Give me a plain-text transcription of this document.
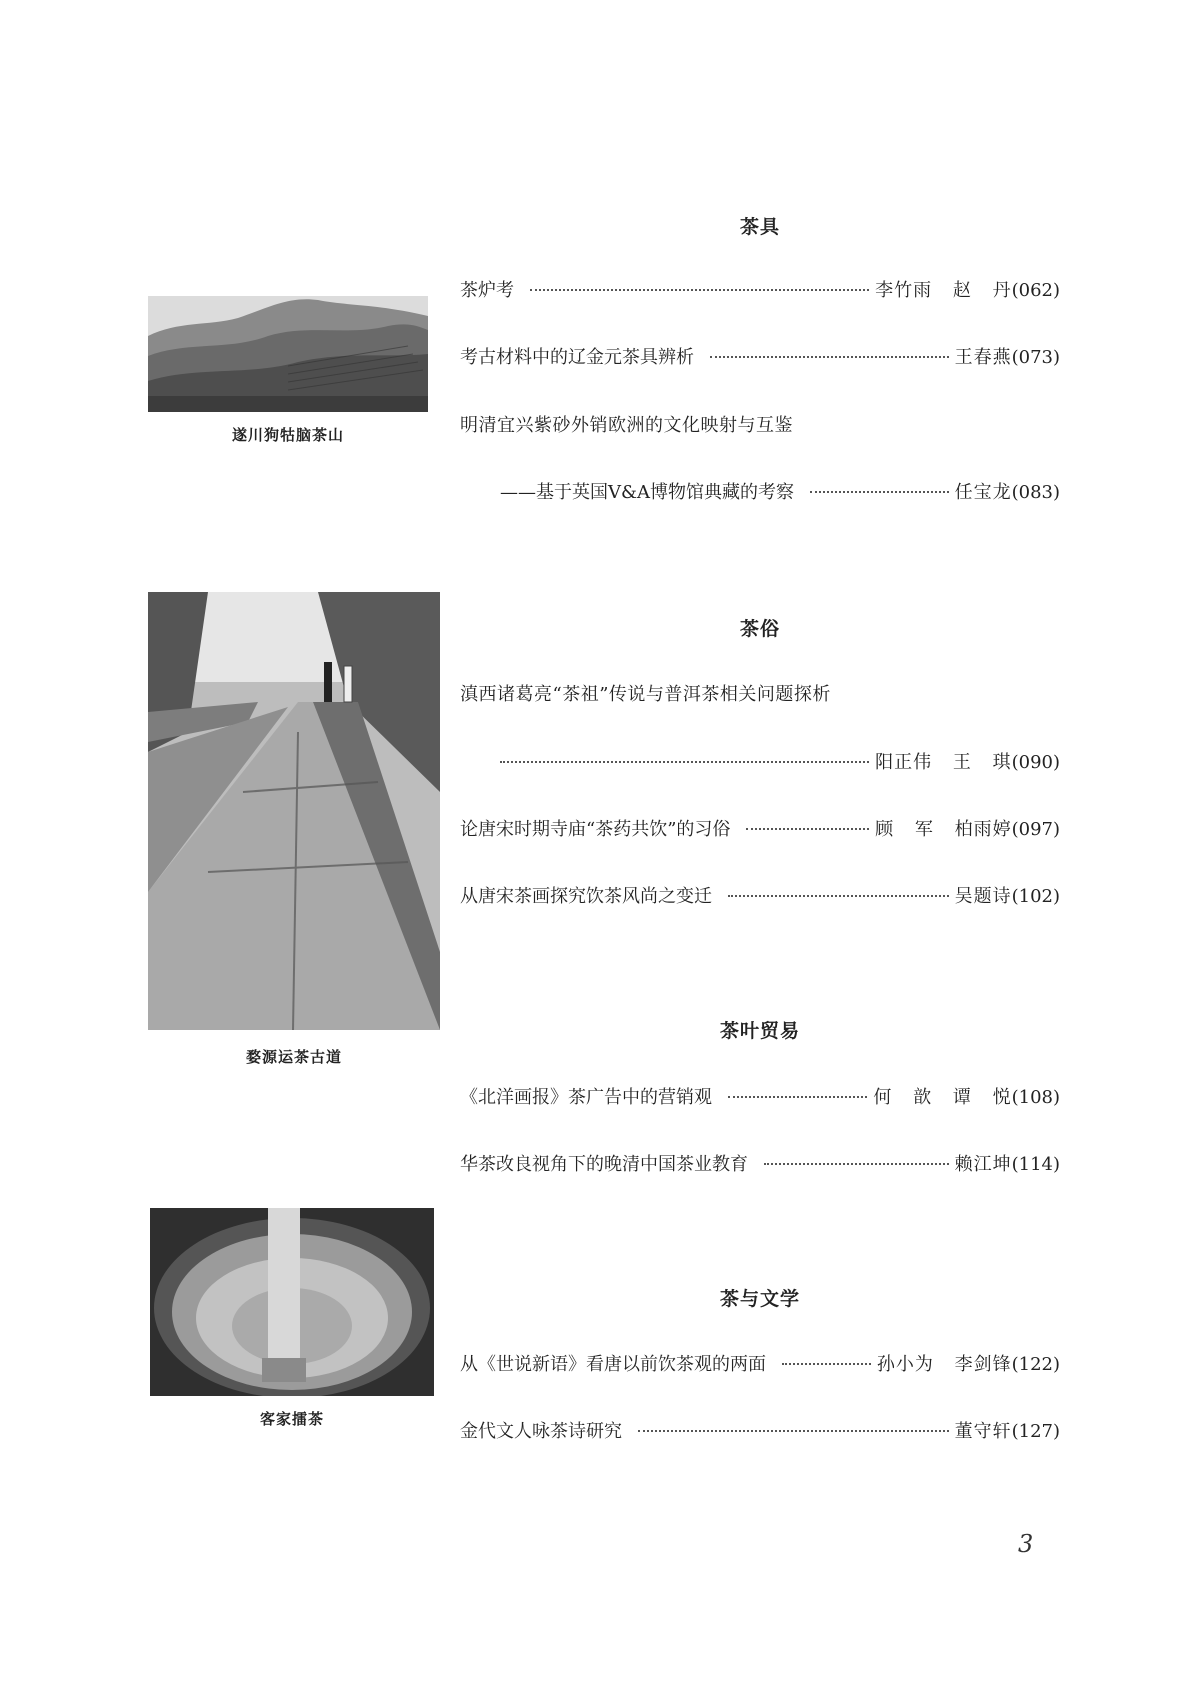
遂川狗牯脑茶山
婺源运茶古道
客家擂茶
茶具
茶炉考	李竹雨 赵 丹 (062)
考古材料中的辽金元茶具辨析	王春燕 (073)
明清宜兴紫砂外销欧洲的文化映射与互鉴
——基于英国V&A博物馆典藏的考察	任宝龙 (083)
茶俗
滇西诸葛亮“茶祖”传说与普洱茶相关问题探析
阳正伟 王 琪 (090)
论唐宋时期寺庙“茶药共饮”的习俗	顾 军 柏雨婷 (097)
从唐宋茶画探究饮茶风尚之变迁	吴题诗 (102)
茶叶贸易
《北洋画报》茶广告中的营销观	何 歆 谭 悦 (108)
华茶改良视角下的晚清中国茶业教育	赖江坤 (114)
茶与文学
从《世说新语》看唐以前饮茶观的两面	孙小为 李剑锋 (122)
金代文人咏茶诗研究	董守轩 (127)
3
